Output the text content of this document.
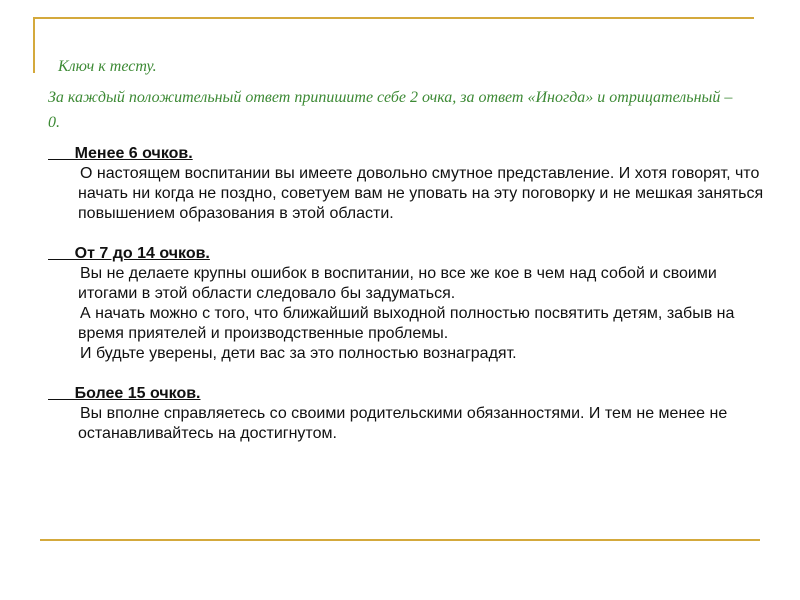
Ключ к тесту.
За каждый положительный ответ припишите себе 2 очка, за ответ «Иногда» и отрицательный – 0.

Менее 6 очков.

О настоящем воспитании вы имеете довольно смутное представление. И хотя говорят, что начать ни когда не поздно, советуем вам не уповать на эту поговорку и не мешкая заняться повышением образования в этой области.

От 7 до 14 очков.

Вы не делаете крупны ошибок в воспитании, но все же кое в чем над собой и своими итогами в этой области следовало бы задуматься.

А начать можно с того, что ближайший выходной полностью посвятить детям, забыв на время приятелей и производственные проблемы.

И будьте уверены, дети вас за это полностью вознаградят.

Более 15 очков.

Вы вполне справляетесь со своими родительскими обязанностями. И тем не менее не останавливайтесь на достигнутом.
